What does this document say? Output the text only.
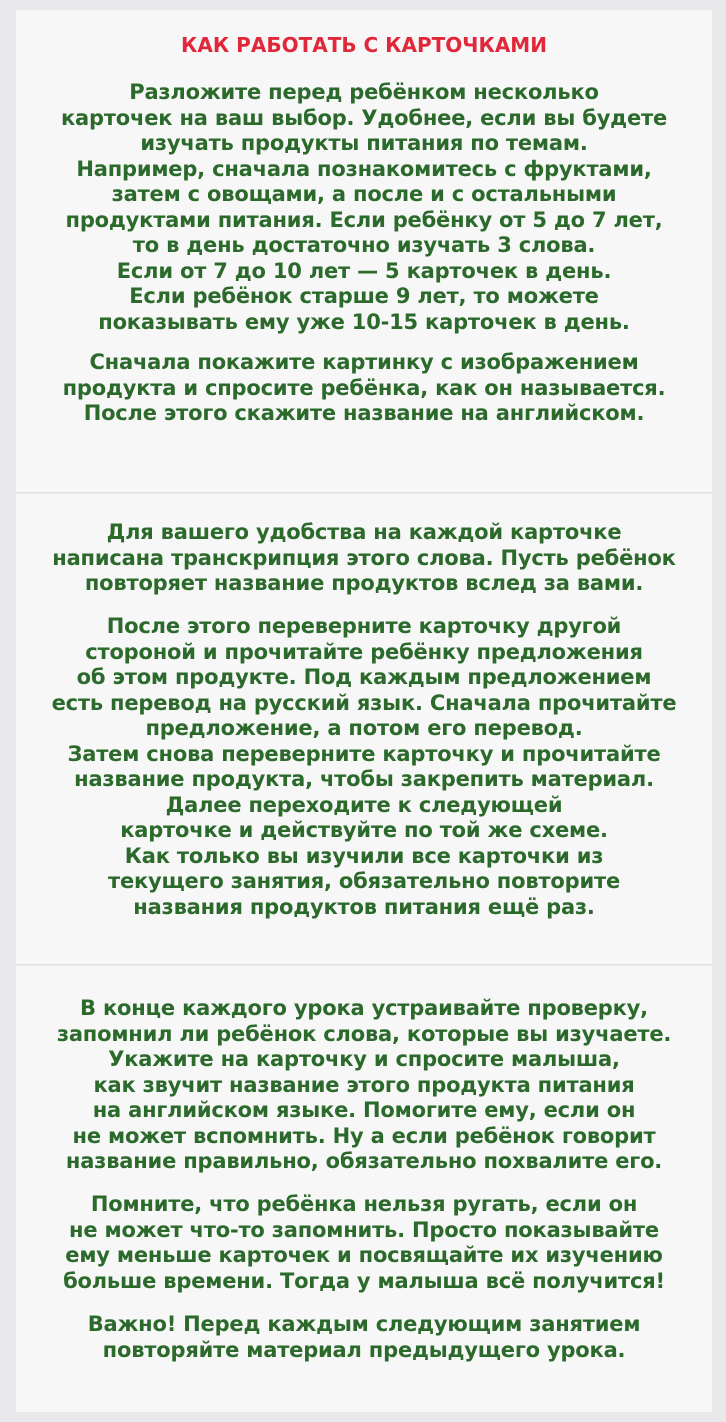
КАК РАБОТАТЬ С КАРТОЧКАМИ
Разложите перед ребёнком несколько
карточек на ваш выбор. Удобнее, если вы будете
изучать продукты питания по темам.
Например, сначала познакомитесь с фруктами,
затем с овощами, а после и с остальными
продуктами питания. Если ребёнку от 5 до 7 лет,
то в день достаточно изучать 3 слова.
Если от 7 до 10 лет — 5 карточек в день.
Если ребёнок старше 9 лет, то можете
показывать ему уже 10-15 карточек в день.
Сначала покажите картинку с изображением
продукта и спросите ребёнка, как он называется.
После этого скажите название на английском.
Для вашего удобства на каждой карточке
написана транскрипция этого слова. Пусть ребёнок
повторяет название продуктов вслед за вами.
После этого переверните карточку другой
стороной и прочитайте ребёнку предложения
об этом продукте. Под каждым предложением
есть перевод на русский язык. Сначала прочитайте
предложение, а потом его перевод.
Затем снова переверните карточку и прочитайте
название продукта, чтобы закрепить материал.
Далее переходите к следующей
карточке и действуйте по той же схеме.
Как только вы изучили все карточки из
текущего занятия, обязательно повторите
названия продуктов питания ещё раз.
В конце каждого урока устраивайте проверку,
запомнил ли ребёнок слова, которые вы изучаете.
Укажите на карточку и спросите малыша,
как звучит название этого продукта питания
на английском языке. Помогите ему, если он
не может вспомнить. Ну а если ребёнок говорит
название правильно, обязательно похвалите его.
Помните, что ребёнка нельзя ругать, если он
не может что-то запомнить. Просто показывайте
ему меньше карточек и посвящайте их изучению
больше времени. Тогда у малыша всё получится!
Важно! Перед каждым следующим занятием
повторяйте материал предыдущего урока.
